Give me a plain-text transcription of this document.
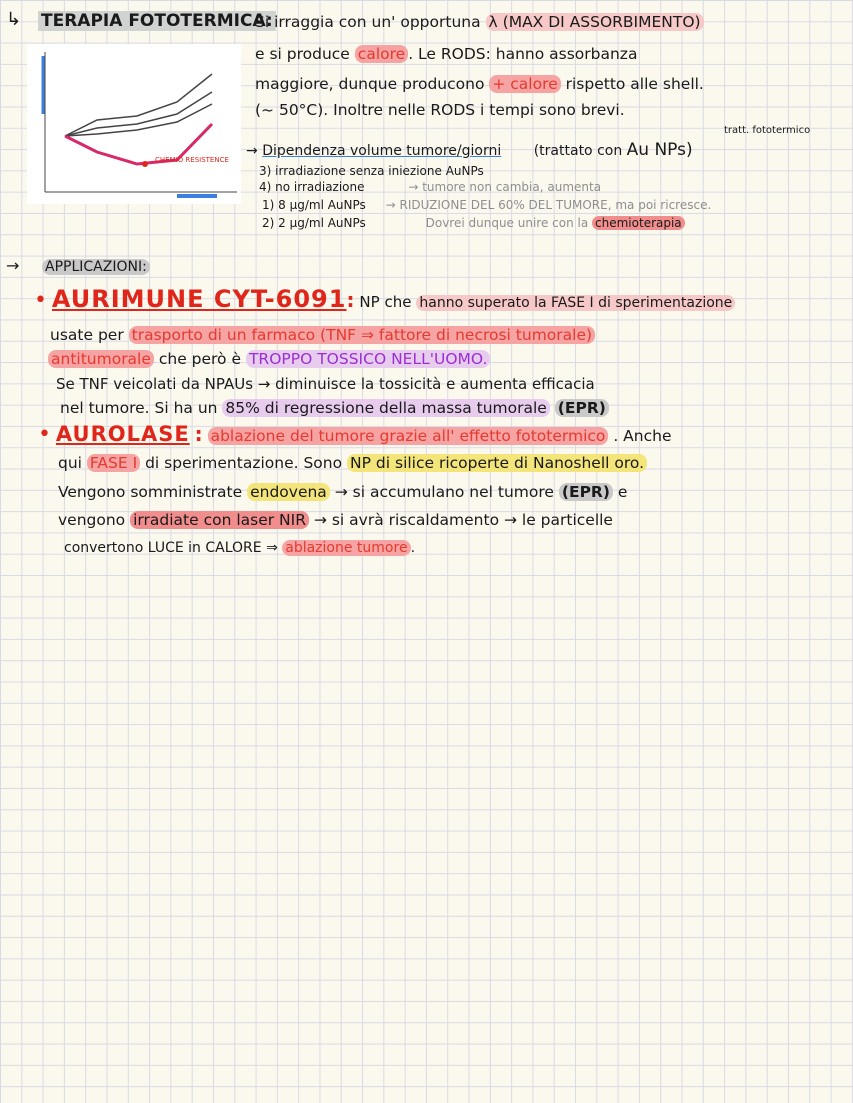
↳ TERAPIA FOTOTERMICA:
Si irraggia con un' opportuna λ (MAX DI ASSORBIMENTO)
e si produce calore . Le RODS: hanno assorbanza
maggiore, dunque producono + calore rispetto alle shell.
(~ 50°C). Inoltre nelle RODS i tempi sono brevi.
tratt. fototermico
→ Dipendenza volume tumore/giorni (trattato con Au NPs)
3) irradiazione senza iniezione AuNPs
4) no irradiazione	→ tumore non cambia, aumenta
1) 8 µg/ml AuNPs → RIDUZIONE DEL 60% DEL TUMORE, ma poi ricresce.
2) 2 µg/ml AuNPs	Dovrei dunque unire con la chemioterapia
CHEMIO RESISTENCE
→ APPLICAZIONI:
• AURIMUNE CYT-6091: NP che hanno superato la FASE I di sperimentazione
usate per trasporto di un farmaco (TNF ⇒ fattore di necrosi tumorale)
antitumorale che però è TROPPO TOSSICO NELL'UOMO.
Se TNF veicolati da NPAUs → diminuisce la tossicità e aumenta efficacia
nel tumore. Si ha un 85% di regressione della massa tumorale (EPR)
• AUROLASE : ablazione del tumore grazie all' effetto fototermico . Anche
qui FASE I di sperimentazione. Sono NP di silice ricoperte di Nanoshell oro.
Vengono somministrate endovena → si accumulano nel tumore (EPR) e
vengono irradiate con laser NIR → si avrà riscaldamento → le particelle
convertono LUCE in CALORE ⇒ ablazione tumore .
